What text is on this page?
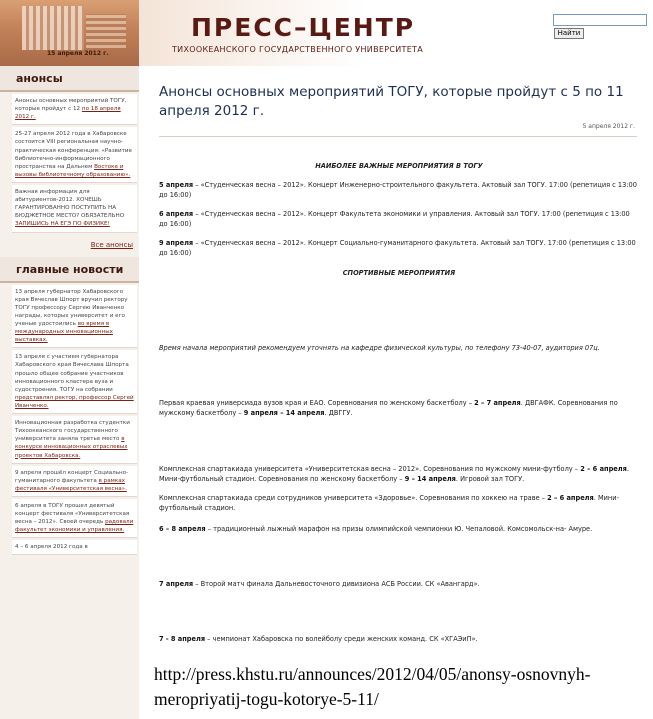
15 апреля 2012 г.
ПРЕСС–ЦЕНТР
ТИХООКЕАНСКОГО ГОСУДАРСТВЕННОГО УНИВЕРСИТЕТА
Найти
анонсы
Анонсы основных мероприятий ТОГУ, которые пройдут с 12 по 18 апреля 2012 г.
25-27 апреля 2012 года в Хабаровске состоится VIII региональная научно-практическая конференция: «Развитие библиотечно-информационного пространства на Дальнем Востоке и вызовы библиотечному образованию».
Важная информация для абитуриентов-2012. ХОЧЕШЬ ГАРАНТИРОВАННО ПОСТУПИТЬ НА БЮДЖЕТНОЕ МЕСТО? ОБЯЗАТЕЛЬНО ЗАПИШИСЬ НА ЕГЭ ПО ФИЗИКЕ!
Все анонсы
главные новости
13 апреля губернатор Хабаровского края Вячеслав Шпорт вручил ректору ТОГУ профессору Сергею Иванченко награды, которых университет и его ученые удостоились во время в международных инновационных выставках.
13 апреля с участием губернатора Хабаровского края Вячеслава Шпорта прошло общее собрание участников инновационного кластера вуза и судостроения. ТОГУ на собрании представлял ректор, профессор Сергей Иванченко.
Инновационная разработка студентки Тихоокеанского государственного университета заняла третье место в конкурсе инновационных отраслевых проектов Хабаровска.
9 апреля прошёл концерт Социально-гуманитарного факультета в рамках фестиваля «Университетская весна».
6 апреля в ТОГУ прошел девятый концерт фестиваля «Университетская весна – 2012». Своей очередь радовали факультет экономики и управления.
4 – 6 апреля 2012 года в
Анонсы основных мероприятий ТОГУ, которые пройдут с 5 по 11 апреля 2012 г.
5 апреля 2012 г.
НАИБОЛЕЕ ВАЖНЫЕ МЕРОПРИЯТИЯ В ТОГУ
5 апреля – «Студенческая весна – 2012». Концерт Инженерно-строительного факультета. Актовый зал ТОГУ. 17:00 (репетиция с 13:00 до 16:00)
6 апреля – «Студенческая весна – 2012». Концерт Факультета экономики и управления. Актовый зал ТОГУ. 17:00 (репетиция с 13:00 до 16:00)
9 апреля – «Студенческая весна – 2012». Концерт Социально-гуманитарного факультета. Актовый зал ТОГУ. 17:00 (репетиция с 13:00 до 16:00)
СПОРТИВНЫЕ МЕРОПРИЯТИЯ
Время начала мероприятий рекомендуем уточнять на кафедре физической культуры, по телефону 73-40-07, аудитория 07ц.
Первая краевая универсиада вузов края и ЕАО. Соревнования по женскому баскетболу – 2 – 7 апреля. ДВГАФК. Соревнования по мужскому баскетболу – 9 апреля – 14 апреля. ДВГГУ.
Комплексная спартакиада университета «Университетская весна – 2012». Соревнования по мужскому мини-футболу – 2 – 6 апреля. Мини-футбольный стадион. Соревнования по женскому баскетболу – 9 – 14 апреля. Игровой зал ТОГУ.
Комплексная спартакиада среди сотрудников университета «Здоровье». Соревнования по хоккею на траве – 2 – 6 апреля. Мини-футбольный стадион.
6 – 8 апреля – традиционный лыжный марафон на призы олимпийской чемпионки Ю. Чепаловой. Комсомольск-на- Амуре.
7 апреля – Второй матч финала Дальневосточного дивизиона АСБ России. СК «Авангард».
7 - 8 апреля – чемпионат Хабаровска по волейболу среди женских команд. СК «ХГАЭиП».
http://press.khstu.ru/announces/2012/04/05/anonsy-osnovnyh-meropriyatij-togu-kotorye-5-11/
